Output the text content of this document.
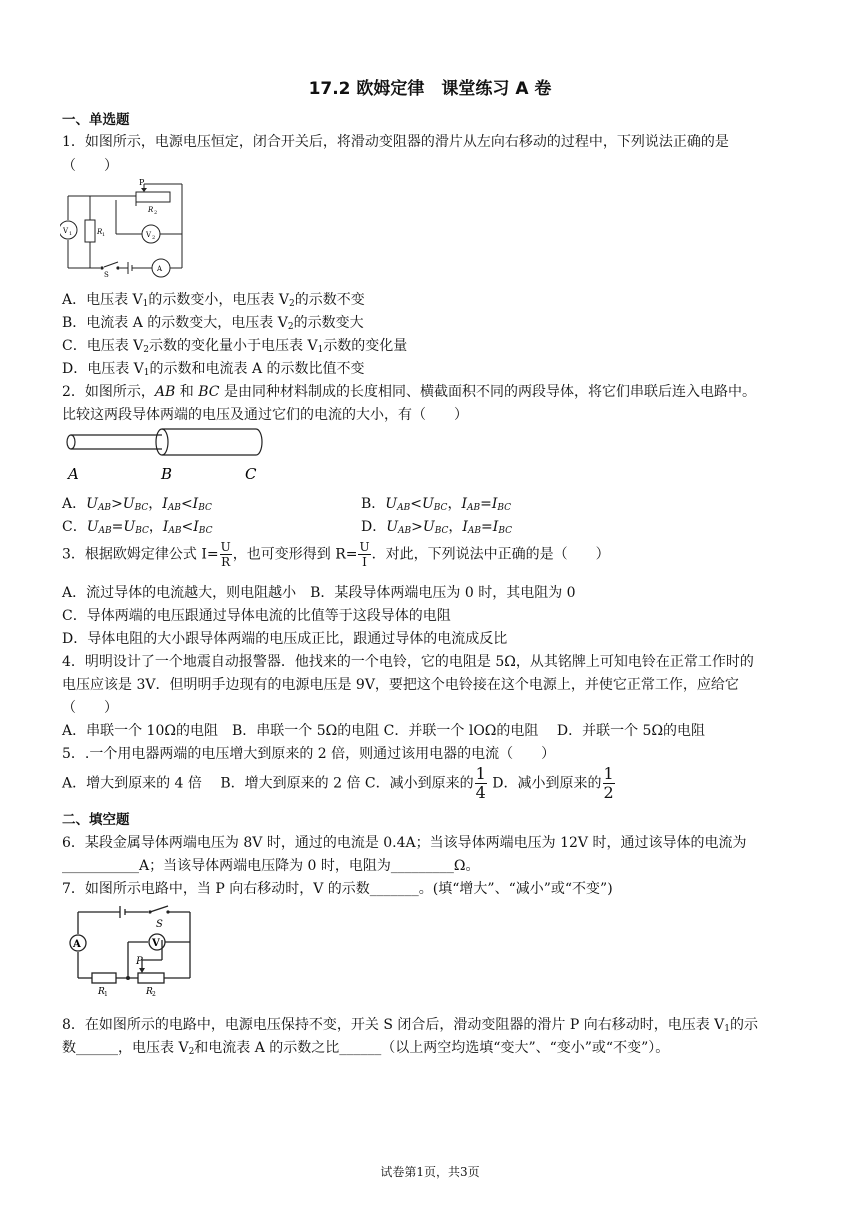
17.2 欧姆定律　课堂练习 A 卷
一、单选题
1．如图所示，电源电压恒定，闭合开关后，将滑动变阻器的滑片从左向右移动的过程中，下列说法正确的是
（　　）
P
R 2
R 1
V 1	V 2
A
S
A．电压表 $V_1$的示数变小，电压表 $V_2$的示数不变
B．电流表 A 的示数变大，电压表 $V_2$的示数变大
C．电压表 $V_2$示数的变化量小于电压表 $V_1$示数的变化量
D．电压表 $V_1$的示数和电流表 A 的示数比值不变
2．如图所示，AB 和 BC 是由同种材料制成的长度相同、横截面积不同的两段导体，将它们串联后连入电路中。
比较这两段导体两端的电压及通过它们的电流的大小，有（　　）
A	B	C
A．$U_{AB}>U_{BC}$，$I_{AB}<I_{BC}$	B．$U_{AB}<U_{BC}$，$I_{AB}=I_{BC}$
C．$U_{AB}=U_{BC}$，$I_{AB}<I_{BC}$	D．$U_{AB}>U_{BC}$，$I_{AB}=I_{BC}$
3．根据欧姆定律公式 $I= \frac{U}{R}$ ，也可变形得到 $R= \frac{U}{I}$ ．对此，下列说法中正确的是（　　）
A．流过导体的电流越大，则电阻越小　B．某段导体两端电压为 0 时，其电阻为 0
C．导体两端的电压跟通过导体电流的比值等于这段导体的电阻
D．导体电阻的大小跟导体两端的电压成正比，跟通过导体的电流成反比
4．明明设计了一个地震自动报警器．他找来的一个电铃，它的电阻是 5Ω，从其铭牌上可知电铃在正常工作时的
电压应该是 3V．但明明手边现有的电源电压是 9V，要把这个电铃接在这个电源上，并使它正常工作，应给它
（　　）
A．串联一个 10Ω的电阻　B．串联一个 5Ω的电阻 C．并联一个 lOΩ的电阻　 D．并联一个 5Ω的电阻
5．.一个用电器两端的电压增大到原来的 2 倍，则通过该用电器的电流（　　）
A．增大到原来的 4 倍　 B．增大到原来的 2 倍 C．减小到原来的 $\frac{1}{4}$ D．减小到原来的 $\frac{1}{2}$
二、填空题
6．某段金属导体两端电压为 8V 时，通过的电流是 0.4A；当该导体两端电压为 12V 时，通过该导体的电流为
___________A；当该导体两端电压降为 0 时，电阻为_________Ω。
7．如图所示电路中，当 P 向右移动时，V 的示数_______。(填“增大”、“减小”或“不变”)
A	V
S
P
R 1	R 2
8．在如图所示的电路中，电源电压保持不变，开关 S 闭合后，滑动变阻器的滑片 P 向右移动时，电压表 $V_1$的示
数______，电压表 $V_2$和电流表 A 的示数之比______（以上两空均选填“变大”、“变小”或“不变”）。
试卷第1页，共3页
